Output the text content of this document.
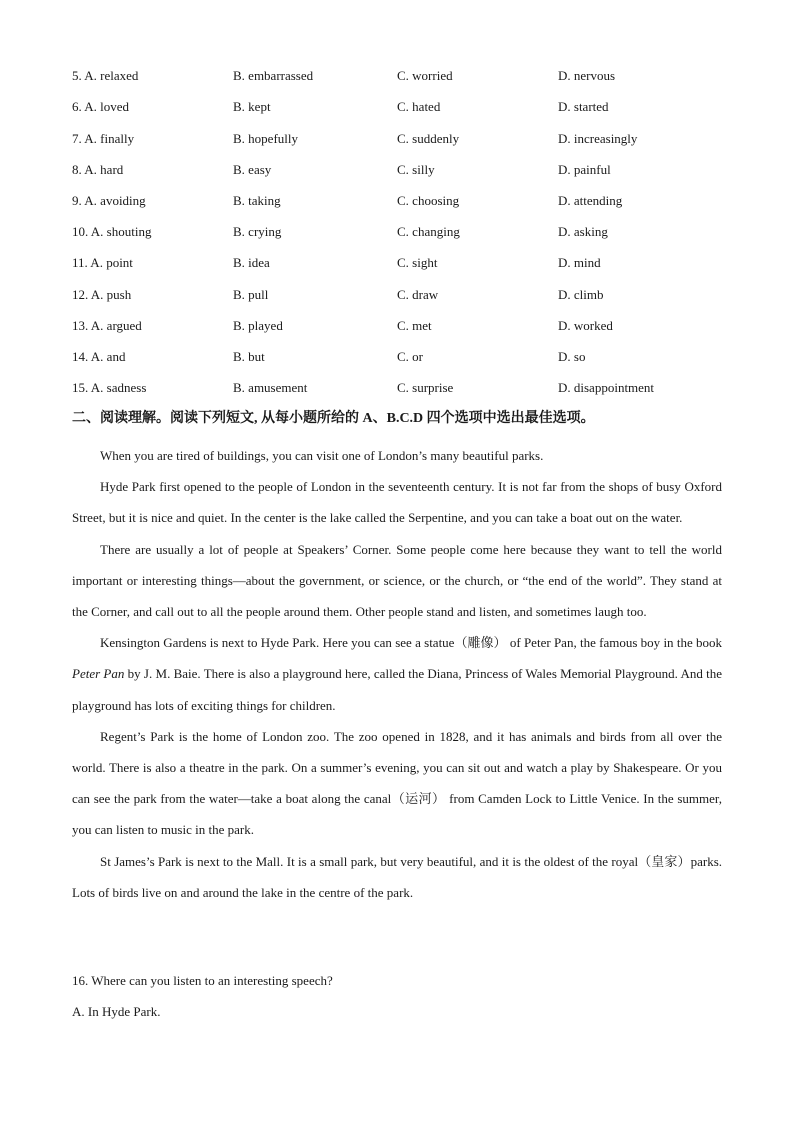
5. A. relaxed	B. embarrassed	C. worried	D. nervous
6. A. loved	B. kept	C. hated	D. started
7. A. finally	B. hopefully	C. suddenly	D. increasingly
8. A. hard	B. easy	C. silly	D. painful
9. A. avoiding	B. taking	C. choosing	D. attending
10. A. shouting	B. crying	C. changing	D. asking
11. A. point	B. idea	C. sight	D. mind
12. A. push	B. pull	C. draw	D. climb
13. A. argued	B. played	C. met	D. worked
14. A. and	B. but	C. or	D. so
15. A. sadness	B. amusement	C. surprise	D. disappointment
二、阅读理解。阅读下列短文, 从每小题所给的 A、B.C.D 四个选项中选出最佳选项。

When you are tired of buildings, you can visit one of London’s many beautiful parks.

Hyde Park first opened to the people of London in the seventeenth century. It is not far from the shops of busy Oxford Street, but it is nice and quiet. In the center is the lake called the Serpentine, and you can take a boat out on the water.

There are usually a lot of people at Speakers’ Corner. Some people come here because they want to tell the world important or interesting things—about the government, or science, or the church, or “the end of the world”. They stand at the Corner, and call out to all the people around them. Other people stand and listen, and sometimes laugh too.

Kensington Gardens is next to Hyde Park. Here you can see a statue（雕像） of Peter Pan, the famous boy in the book Peter Pan by J. M. Baie. There is also a playground here, called the Diana, Princess of Wales Memorial Playground. And the playground has lots of exciting things for children.

Regent’s Park is the home of London zoo. The zoo opened in 1828, and it has animals and birds from all over the world. There is also a theatre in the park. On a summer’s evening, you can sit out and watch a play by Shakespeare. Or you can see the park from the water—take a boat along the canal（运河） from Camden Lock to Little Venice. In the summer, you can listen to music in the park.

St James’s Park is next to the Mall. It is a small park, but very beautiful, and it is the oldest of the royal（皇家）parks. Lots of birds live on and around the lake in the centre of the park.

16. Where can you listen to an interesting speech?
A. In Hyde Park.
